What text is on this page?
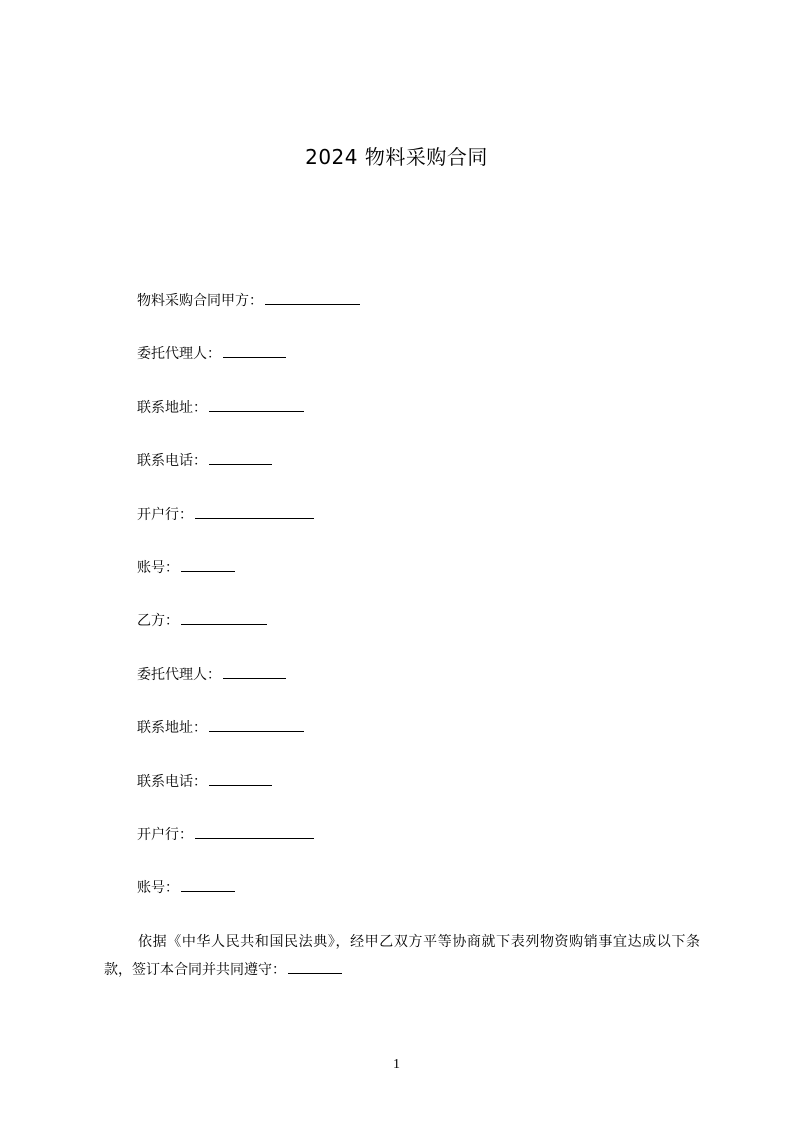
2024 物料采购合同
物料采购合同甲方：
委托代理人：
联系地址：
联系电话：
开户行：
账号：
乙方：
委托代理人：
联系地址：
联系电话：
开户行：
账号：

依据《中华人民共和国民法典》，经甲乙双方平等协商就下表列物资购销事宜达成以下条款，签订本合同并共同遵守：

1
